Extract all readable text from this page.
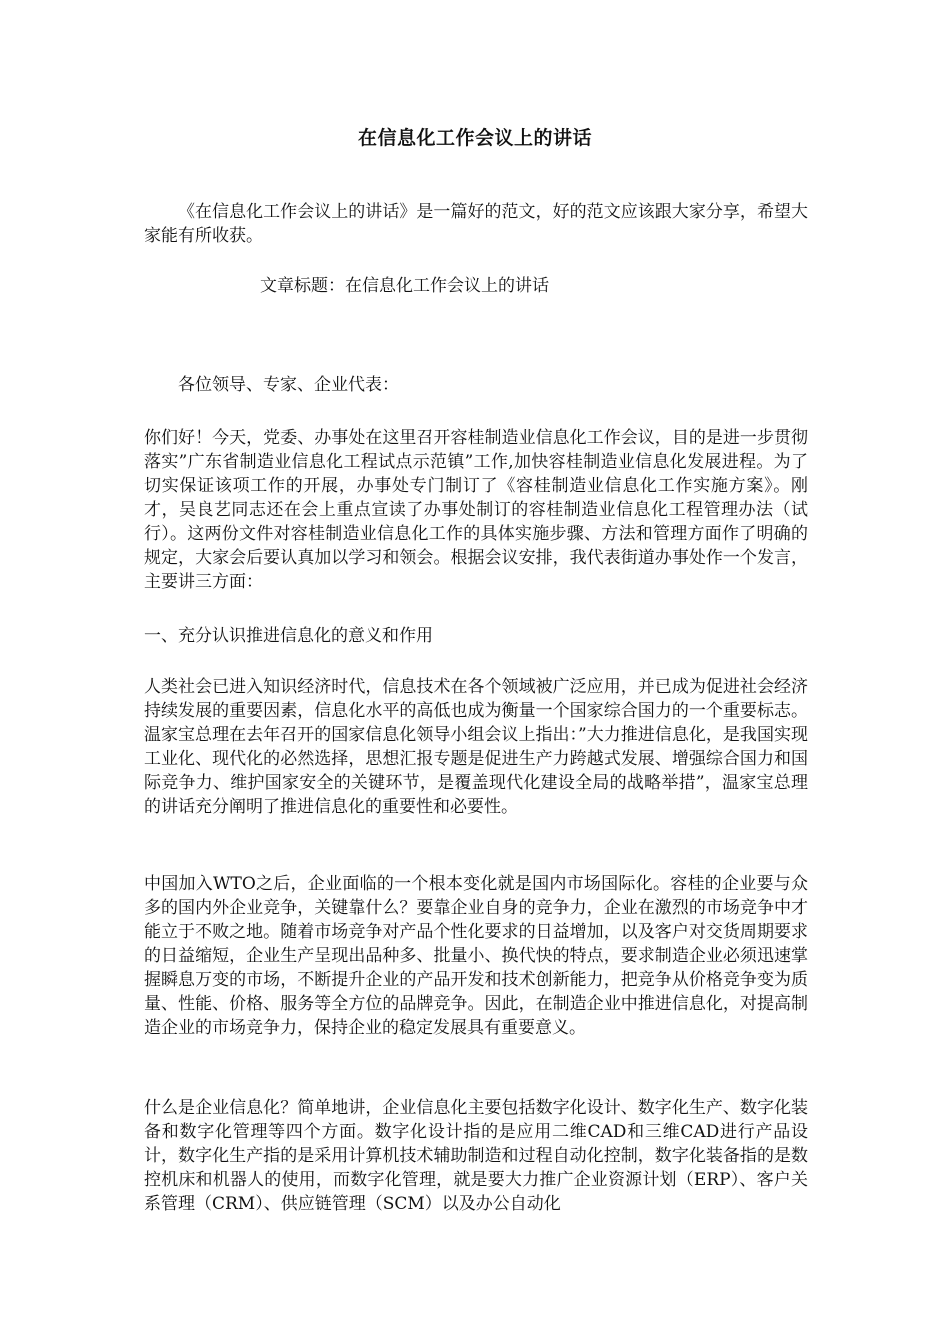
在信息化工作会议上的讲话

《在信息化工作会议上的讲话》是一篇好的范文，好的范文应该跟大家分享，希望大家能有所收获。

文章标题：在信息化工作会议上的讲话

各位领导、专家、企业代表：

你们好！今天，党委、办事处在这里召开容桂制造业信息化工作会议，目的是进一步贯彻落实”广东省制造业信息化工程试点示范镇”工作,加快容桂制造业信息化发展进程。为了切实保证该项工作的开展，办事处专门制订了《容桂制造业信息化工作实施方案》。刚才，吴良艺同志还在会上重点宣读了办事处制订的容桂制造业信息化工程管理办法（试行）。这两份文件对容桂制造业信息化工作的具体实施步骤、方法和管理方面作了明确的规定，大家会后要认真加以学习和领会。根据会议安排，我代表街道办事处作一个发言，主要讲三方面：

一、充分认识推进信息化的意义和作用

人类社会已进入知识经济时代，信息技术在各个领域被广泛应用，并已成为促进社会经济持续发展的重要因素，信息化水平的高低也成为衡量一个国家综合国力的一个重要标志。温家宝总理在去年召开的国家信息化领导小组会议上指出：”大力推进信息化，是我国实现工业化、现代化的必然选择，思想汇报专题是促进生产力跨越式发展、增强综合国力和国际竞争力、维护国家安全的关键环节，是覆盖现代化建设全局的战略举措”，温家宝总理的讲话充分阐明了推进信息化的重要性和必要性。

中国加入WTO之后，企业面临的一个根本变化就是国内市场国际化。容桂的企业要与众多的国内外企业竞争，关键靠什么？要靠企业自身的竞争力，企业在激烈的市场竞争中才能立于不败之地。随着市场竞争对产品个性化要求的日益增加，以及客户对交货周期要求的日益缩短，企业生产呈现出品种多、批量小、换代快的特点，要求制造企业必须迅速掌握瞬息万变的市场，不断提升企业的产品开发和技术创新能力，把竞争从价格竞争变为质量、性能、价格、服务等全方位的品牌竞争。因此，在制造企业中推进信息化，对提高制造企业的市场竞争力，保持企业的稳定发展具有重要意义。

什么是企业信息化？简单地讲，企业信息化主要包括数字化设计、数字化生产、数字化装备和数字化管理等四个方面。数字化设计指的是应用二维CAD和三维CAD进行产品设计，数字化生产指的是采用计算机技术辅助制造和过程自动化控制，数字化装备指的是数控机床和机器人的使用，而数字化管理，就是要大力推广企业资源计划（ERP）、客户关系管理（CRM）、供应链管理（SCM）以及办公自动化
